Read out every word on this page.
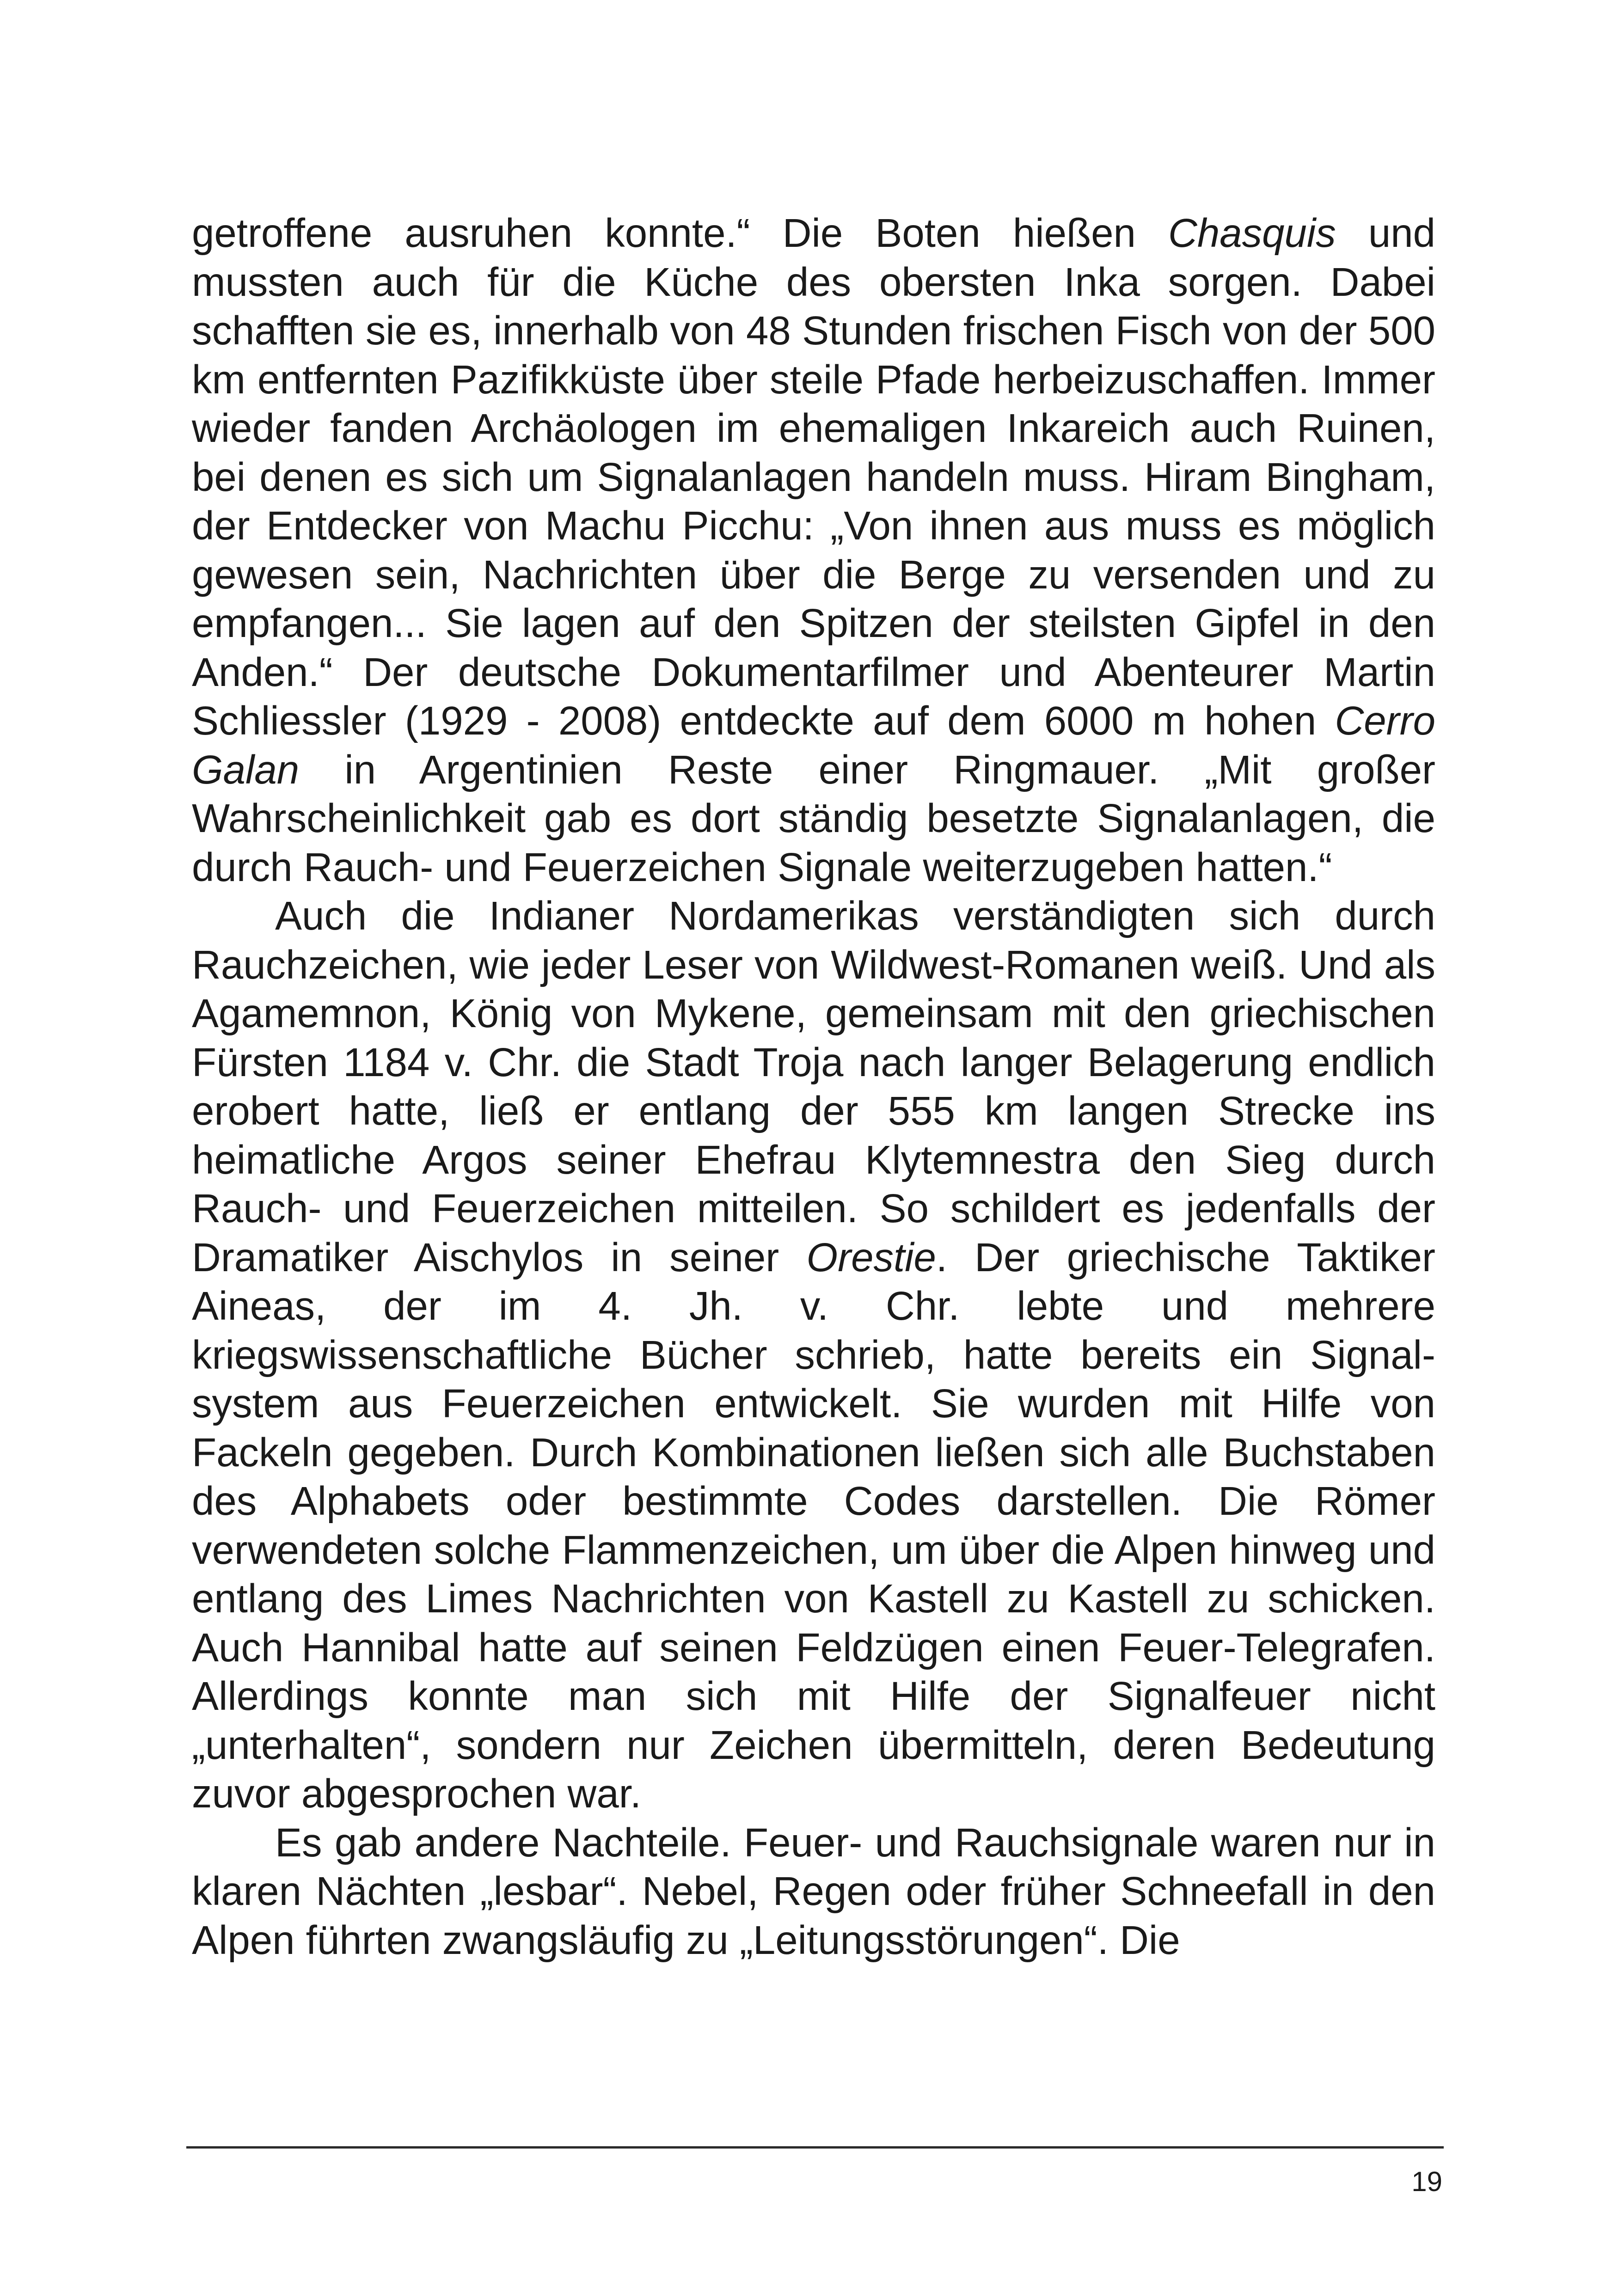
getroffene ausruhen konnte.“ Die Boten hießen Chasquis und mussten auch für die Küche des obersten Inka sorgen. Dabei schafften sie es, innerhalb von 48 Stunden frischen Fisch von der 500 km entfernten Pazifikküste über steile Pfade herbeizuschaffen. Immer wieder fanden Archäologen im ehemaligen Inkareich auch Ruinen, bei denen es sich um Signalanlagen handeln muss. Hiram Bingham, der Entdecker von Machu Picchu: „Von ihnen aus muss es möglich gewesen sein, Nachrichten über die Berge zu versenden und zu empfangen... Sie lagen auf den Spitzen der steilsten Gipfel in den Anden.“ Der deutsche Dokumentarfilmer und Abenteurer Martin Schliessler (1929 - 2008) entdeckte auf dem 6000 m hohen Cerro Galan in Argentinien Reste einer Ringmauer. „Mit großer Wahrscheinlichkeit gab es dort ständig besetzte Signalanlagen, die durch Rauch- und Feuerzeichen Signale weiterzugeben hatten.“

Auch die Indianer Nordamerikas verständigten sich durch Rauchzeichen, wie jeder Leser von Wildwest-Romanen weiß. Und als Agamemnon, König von Mykene, gemeinsam mit den griechischen Fürsten 1184 v. Chr. die Stadt Troja nach langer Belagerung endlich erobert hatte, ließ er entlang der 555 km langen Strecke ins heimatliche Argos seiner Ehefrau Klytemnestra den Sieg durch Rauch- und Feuerzeichen mitteilen. So schildert es jedenfalls der Dramatiker Aischylos in seiner Orestie. Der griechische Taktiker Aineas, der im 4. Jh. v. Chr. lebte und mehrere kriegswissenschaftliche Bücher schrieb, hatte bereits ein Signalsystem aus Feuerzeichen entwickelt. Sie wurden mit Hilfe von Fackeln gegeben. Durch Kombinationen ließen sich alle Buchstaben des Alphabets oder bestimmte Codes darstellen. Die Römer verwendeten solche Flammenzeichen, um über die Alpen hinweg und entlang des Limes Nachrichten von Kastell zu Kastell zu schicken. Auch Hannibal hatte auf seinen Feldzügen einen Feuer-Telegrafen. Allerdings konnte man sich mit Hilfe der Signalfeuer nicht „unterhalten“, sondern nur Zeichen übermitteln, deren Bedeutung zuvor abgesprochen war.

Es gab andere Nachteile. Feuer- und Rauchsignale waren nur in klaren Nächten „lesbar“. Nebel, Regen oder früher Schneefall in den Alpen führten zwangsläufig zu „Leitungsstörungen“. Die

19
